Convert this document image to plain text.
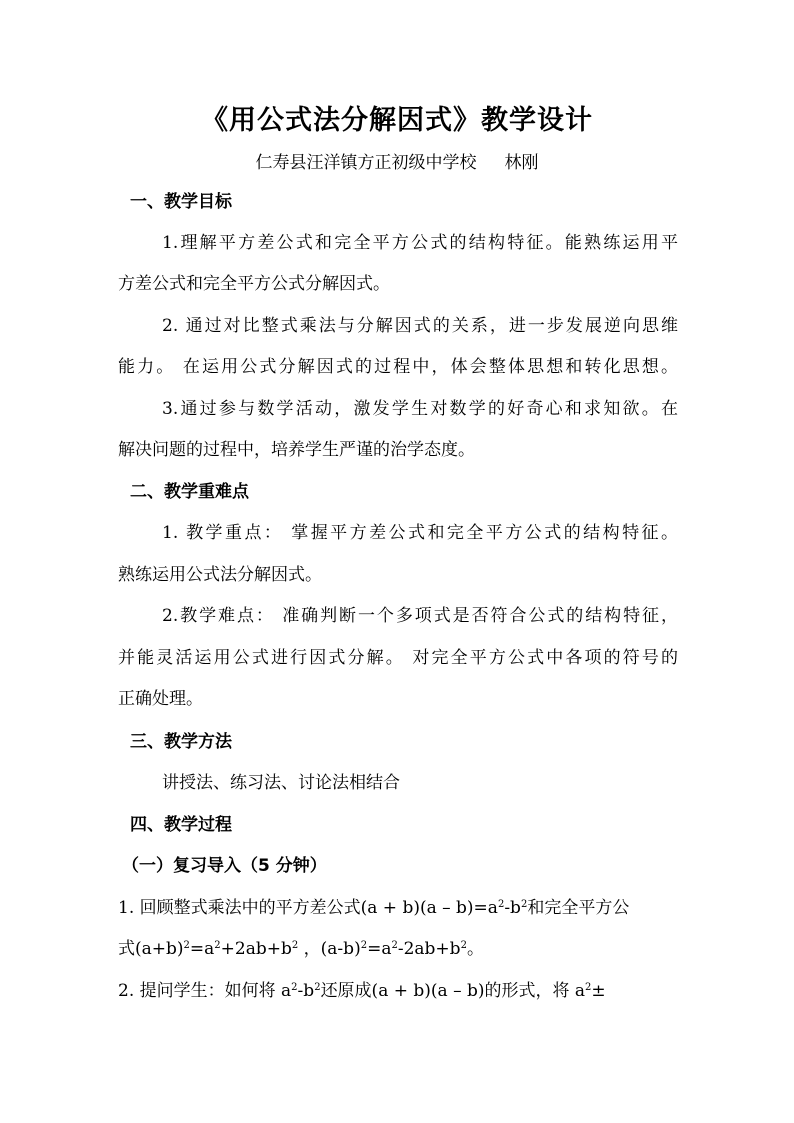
《用公式法分解因式》教学设计
仁寿县汪洋镇方正初级中学校 林刚
一、教学目标
1.理解平方差公式和完全平方公式的结构特征。能熟练运用平
方差公式和完全平方公式分解因式。
2. 通过对比整式乘法与分解因式的关系，进一步发展逆向思维
能力。 在运用公式分解因式的过程中，体会整体思想和转化思想。
3.通过参与数学活动，激发学生对数学的好奇心和求知欲。在
解决问题的过程中，培养学生严谨的治学态度。
二、教学重难点
1. 教学重点： 掌握平方差公式和完全平方公式的结构特征。
熟练运用公式法分解因式。
2.教学难点： 准确判断一个多项式是否符合公式的结构特征，
并能灵活运用公式进行因式分解。 对完全平方公式中各项的符号的
正确处理。
三、教学方法
讲授法、练习法、讨论法相结合
四、教学过程
（一）复习导入（5 分钟）
1. 回顾整式乘法中的平方差公式$(a + b)(a - b)=a^2-b^2$和完全平方公
式$(a+b)^2=a^2+2ab+b^2$ ，$(a-b)^2=a^2-2ab+b^2$。
2. 提问学生：如何将 $a^2-b^2$还原成(a + b)(a – b)的形式，将 $a^2\pm$
